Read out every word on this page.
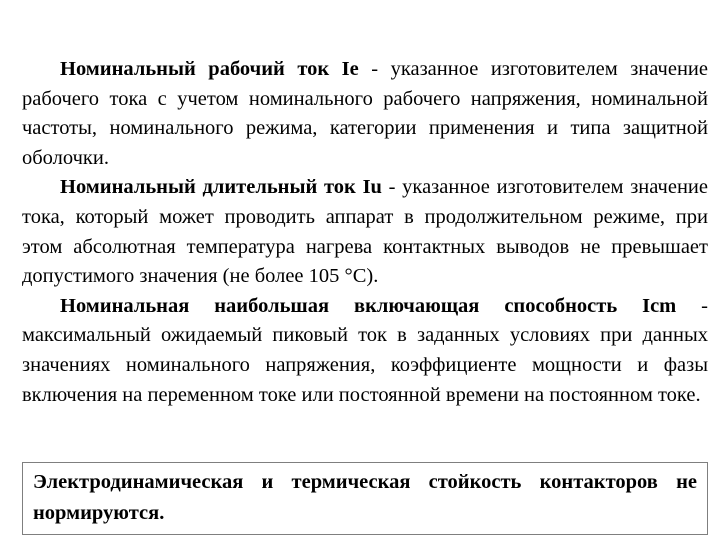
Номинальный рабочий ток Ie - указанное изготовителем значение рабочего тока с учетом номинального рабочего напряжения, номинальной частоты, номинального режима, категории применения и типа защитной оболочки.

Номинальный длительный ток Iu - указанное изготовителем значение тока, который может проводить аппарат в продолжительном режиме, при этом абсолютная температура нагрева контактных выводов не превышает допустимого значения (не более 105 °С).

Номинальная наибольшая включающая способность Icm - максимальный ожидаемый пиковый ток в заданных условиях при данных значениях номинального напряжения, коэффициенте мощности и фазы включения на переменном токе или постоянной времени на постоянном токе.

Электродинамическая и термическая стойкость контакторов не нормируются.
